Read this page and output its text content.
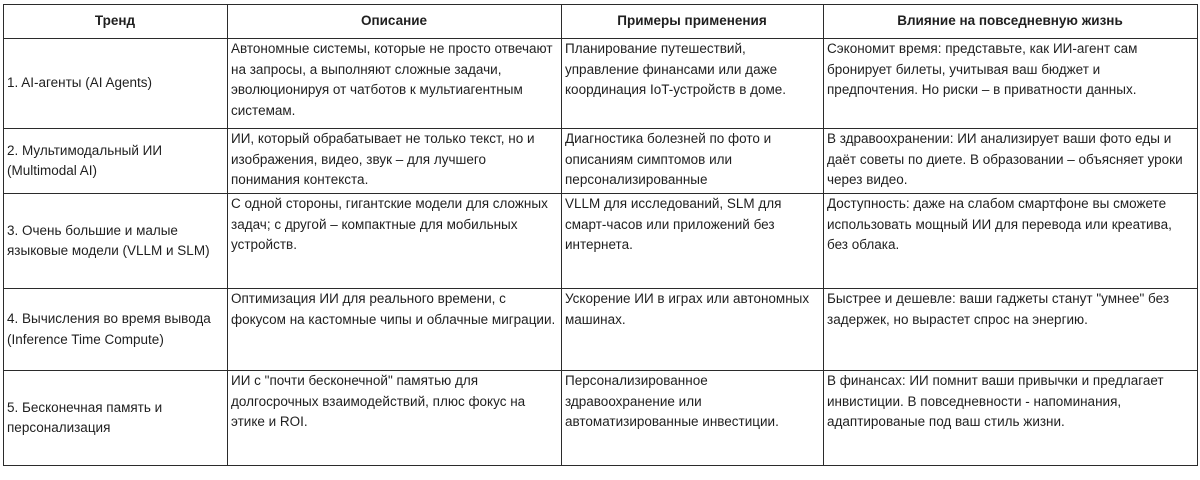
Тренд	Описание	Примеры применения	Влияние на повседневную жизнь
1. AI-агенты (AI Agents)	Автономные системы, которые не просто отвечают на запросы, а выполняют сложные задачи, эволюционируя от чатботов к мультиагентным системам.	Планирование путешествий, управление финансами или даже координация IoT-устройств в доме.	Сэкономит время: представьте, как ИИ-агент сам бронирует билеты, учитывая ваш бюджет и предпочтения. Но риски – в приватности данных.
2. Мультимодальный ИИ (Multimodal AI)	ИИ, который обрабатывает не только текст, но и изображения, видео, звук – для лучшего понимания контекста.	Диагностика болезней по фото и описаниям симптомов или персонализированные	В здравоохранении: ИИ анализирует ваши фото еды и даёт советы по диете. В образовании – объясняет уроки через видео.
3. Очень большие и малые языковые модели (VLLM и SLM)	С одной стороны, гигантские модели для сложных задач; с другой – компактные для мобильных устройств.	VLLM для исследований, SLM для смарт-часов или приложений без интернета.	Доступность: даже на слабом смартфоне вы сможете использовать мощный ИИ для перевода или креатива, без облака.
4. Вычисления во время вывода (Inference Time Compute)	Оптимизация ИИ для реального времени, с фокусом на кастомные чипы и облачные миграции.	Ускорение ИИ в играх или автономных машинах.	Быстрее и дешевле: ваши гаджеты станут "умнее" без задержек, но вырастет спрос на энергию.
5. Бесконечная память и персонализация	ИИ с "почти бесконечной" памятью для долгосрочных взаимодействий, плюс фокус на этике и ROI.	Персонализированное здравоохранение или автоматизированные инвестиции.	В финансах: ИИ помнит ваши привычки и предлагает инвистиции. В повседневности - напоминания, адаптированые под ваш стиль жизни.
